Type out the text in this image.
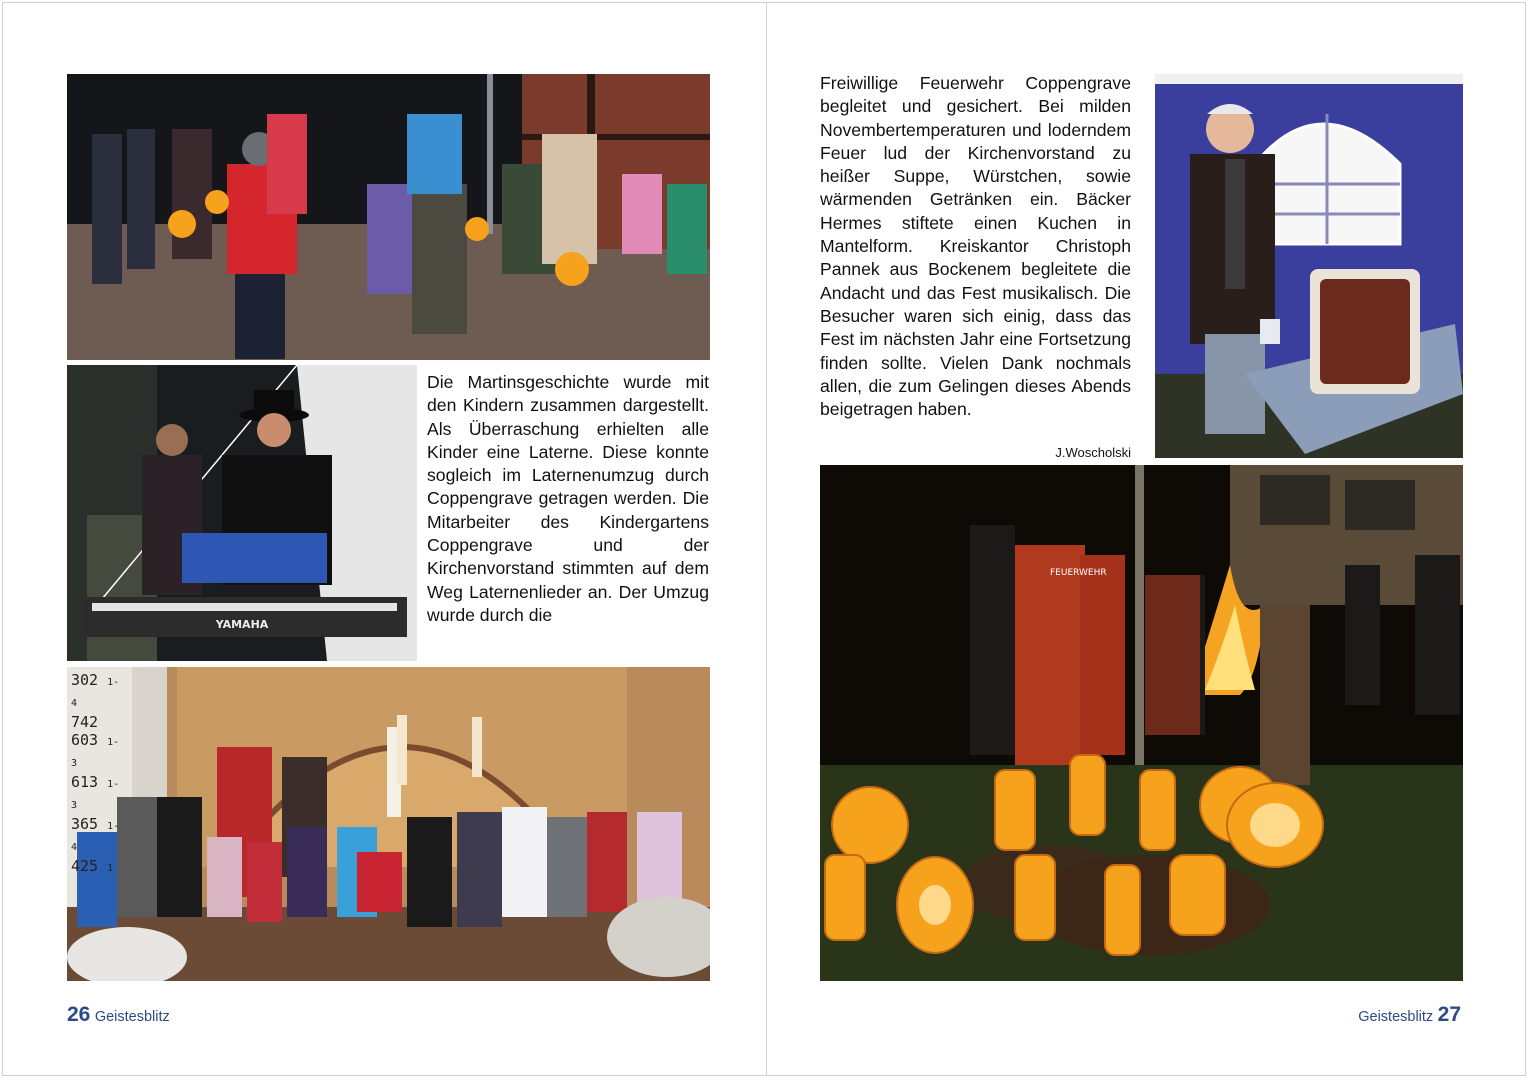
YAMAHA
Die Martinsgeschichte wurde mit den Kindern zusammen dargestellt. Als Überraschung erhielten alle Kinder eine Laterne. Diese konnte sogleich im Laternenumzug durch Coppengrave getragen werden. Die Mitarbeiter des Kindergartens Coppengrave und der Kirchenvorstand stimmten auf dem Weg Laternenlieder an. Der Umzug wurde durch die
302 1-4
742
603 1-3
613 1-3
365 1-4
425 1
26 Geistesblitz
Freiwillige Feuerwehr Coppengrave begleitet und gesichert. Bei milden Novembertemperaturen und loderndem Feuer lud der Kirchenvorstand zu heißer Suppe, Würstchen, sowie wärmenden Getränken ein. Bäcker Hermes stiftete einen Kuchen in Mantelform. Kreiskantor Christoph Pannek aus Bockenem begleitete die Andacht und das Fest musikalisch. Die Besucher waren sich einig, dass das Fest im nächsten Jahr eine Fortsetzung finden sollte. Vielen Dank nochmals allen, die zum Gelingen dieses Abends beigetragen haben.
J.Woscholski
FEUERWEHR
Geistesblitz 27
